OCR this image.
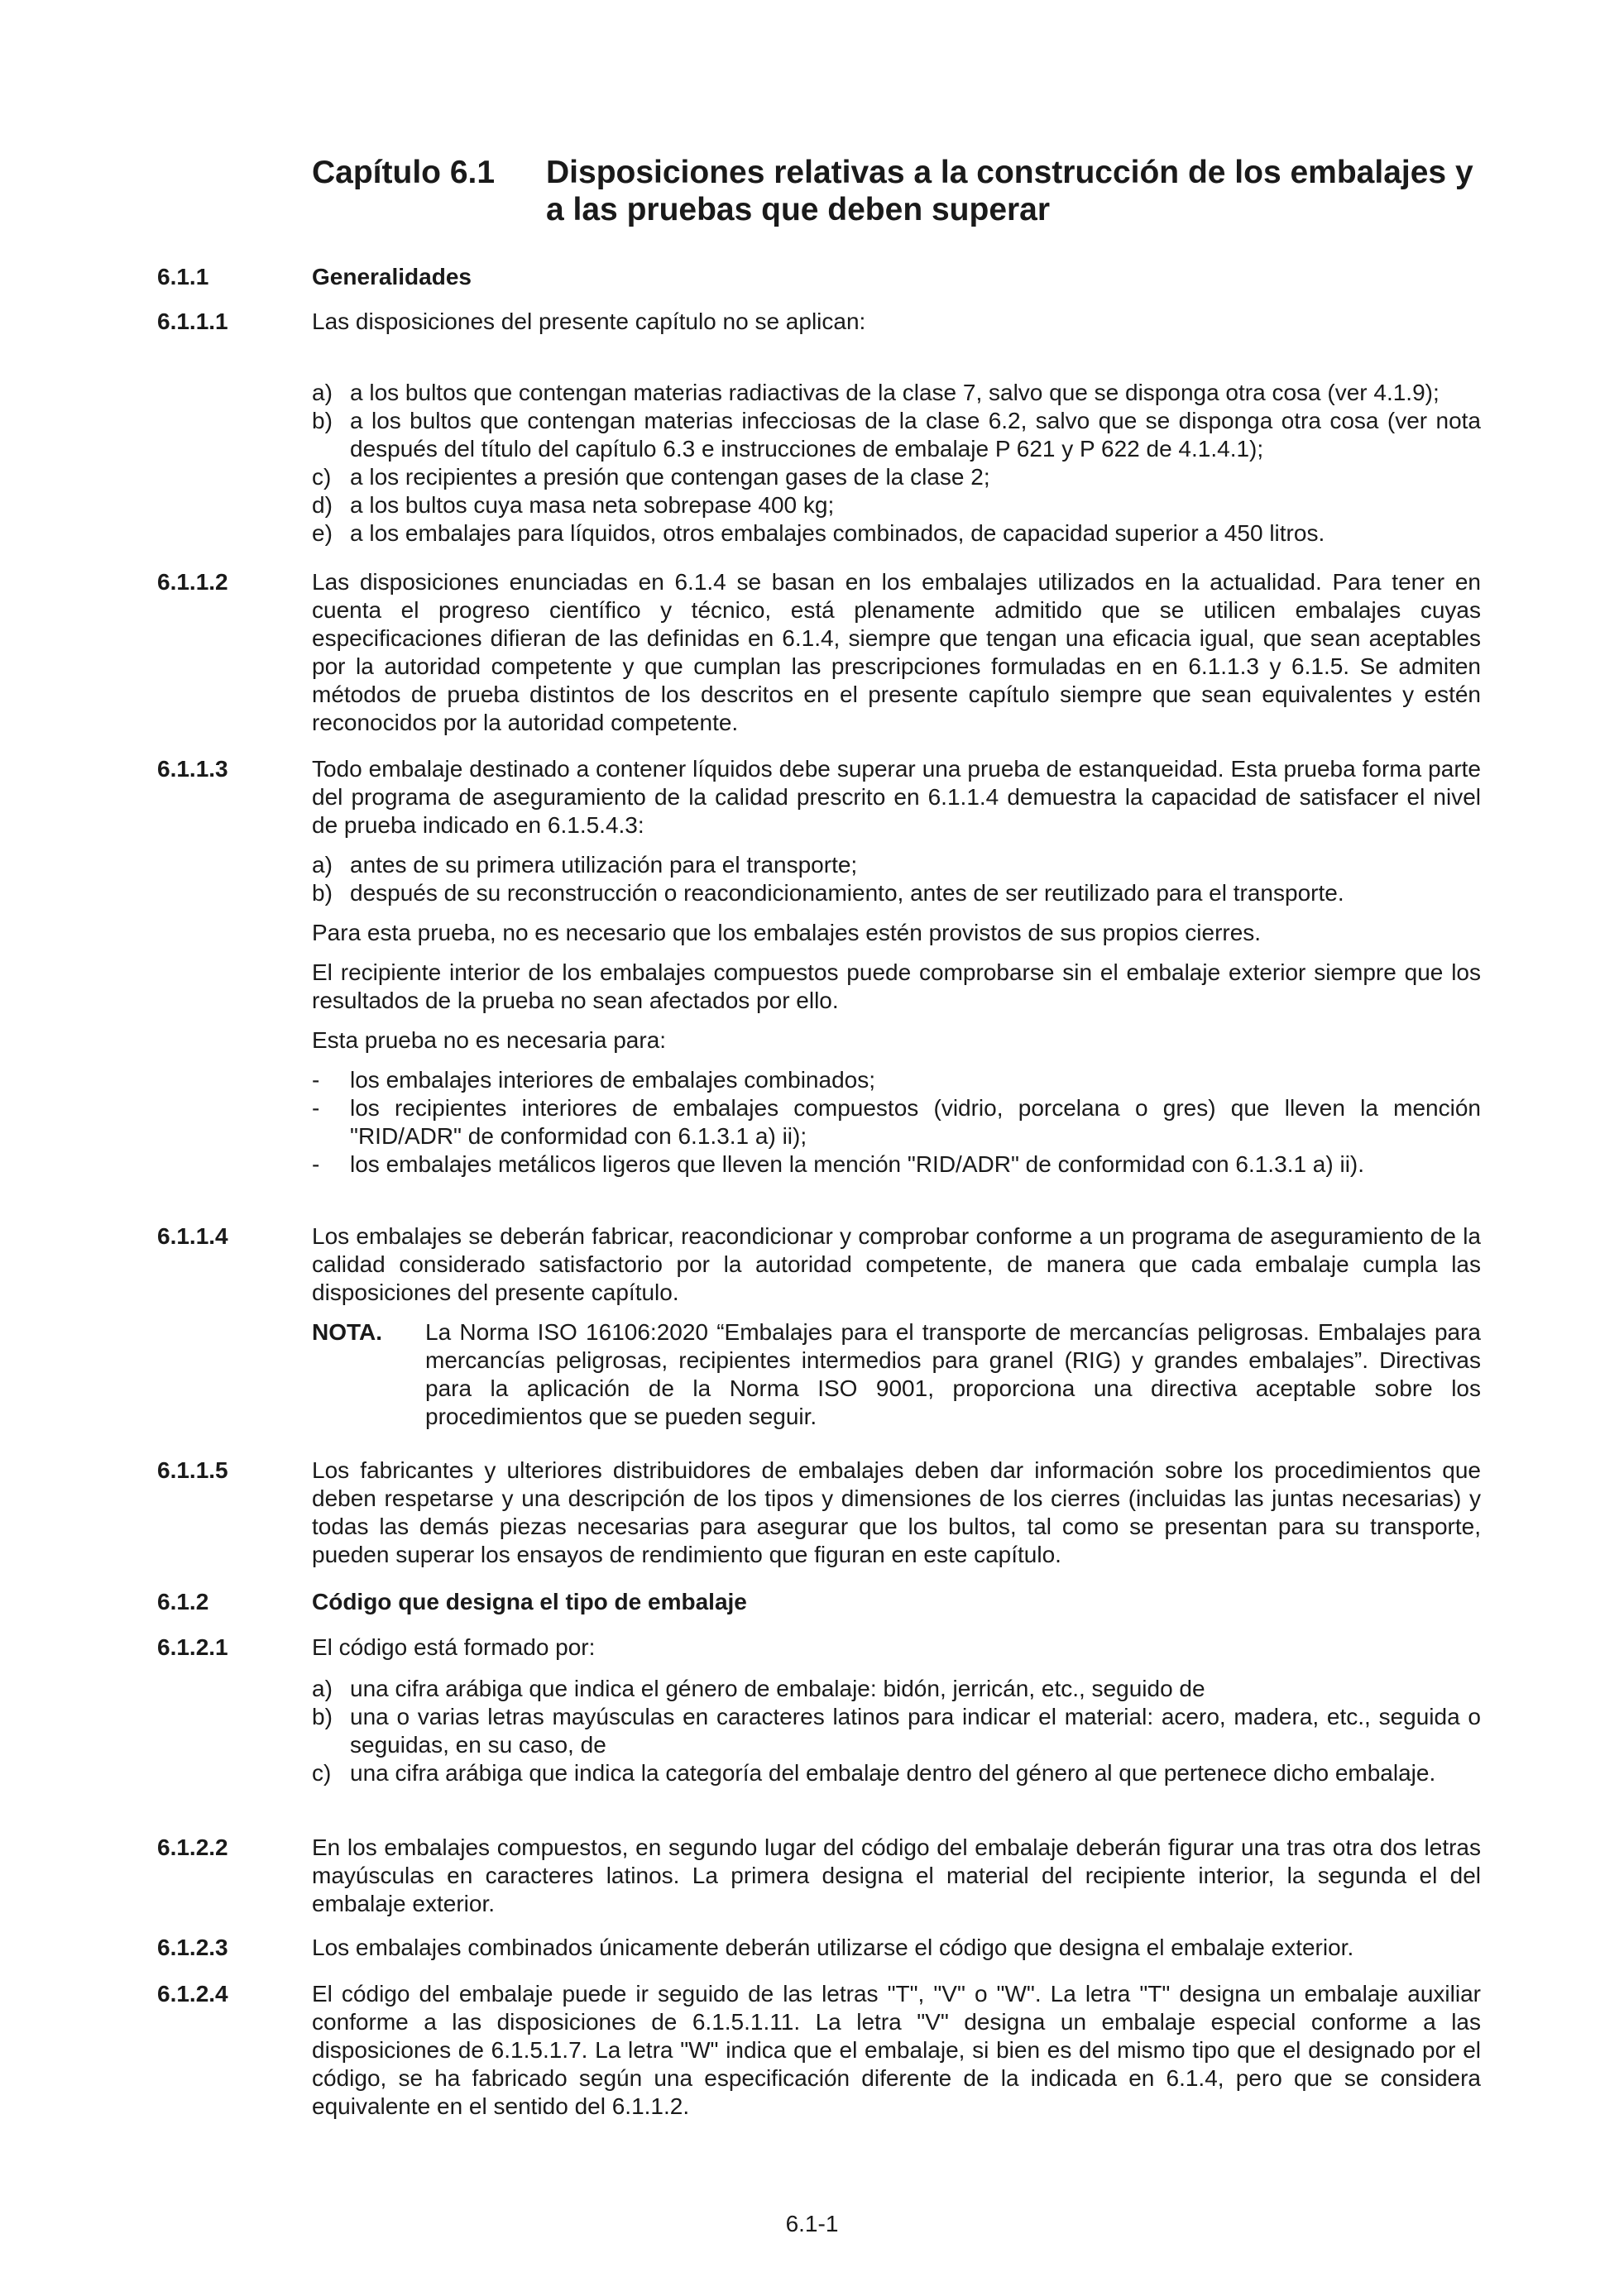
Capítulo 6.1 Disposiciones relativas a la construcción de los embalajes y a las pruebas que deben superar
6.1.1	Generalidades
6.1.1.1	Las disposiciones del presente capítulo no se aplican:
a) a los bultos que contengan materias radiactivas de la clase 7, salvo que se disponga otra cosa (ver 4.1.9);
b) a los bultos que contengan materias infecciosas de la clase 6.2, salvo que se disponga otra cosa (ver nota después del título del capítulo 6.3 e instrucciones de embalaje P 621 y P 622 de 4.1.4.1);
c) a los recipientes a presión que contengan gases de la clase 2;
d) a los bultos cuya masa neta sobrepase 400 kg;
e) a los embalajes para líquidos, otros embalajes combinados, de capacidad superior a 450 litros.
6.1.1.2	Las disposiciones enunciadas en 6.1.4 se basan en los embalajes utilizados en la actualidad. Para tener en cuenta el progreso científico y técnico, está plenamente admitido que se utilicen embalajes cuyas especificaciones difieran de las definidas en 6.1.4, siempre que tengan una eficacia igual, que sean aceptables por la autoridad competente y que cumplan las prescripciones formuladas en en 6.1.1.3 y 6.1.5. Se admiten métodos de prueba distintos de los descritos en el presente capítulo siempre que sean equivalentes y estén reconocidos por la autoridad competente.
6.1.1.3	Todo embalaje destinado a contener líquidos debe superar una prueba de estanqueidad. Esta prueba forma parte del programa de aseguramiento de la calidad prescrito en 6.1.1.4 demuestra la capacidad de satisfacer el nivel de prueba indicado en 6.1.5.4.3:
a) antes de su primera utilización para el transporte;
b) después de su reconstrucción o reacondicionamiento, antes de ser reutilizado para el transporte.
Para esta prueba, no es necesario que los embalajes estén provistos de sus propios cierres.
El recipiente interior de los embalajes compuestos puede comprobarse sin el embalaje exterior siempre que los resultados de la prueba no sean afectados por ello.
Esta prueba no es necesaria para:
- los embalajes interiores de embalajes combinados;
- los recipientes interiores de embalajes compuestos (vidrio, porcelana o gres) que lleven la mención "RID/ADR" de conformidad con 6.1.3.1 a) ii);
- los embalajes metálicos ligeros que lleven la mención "RID/ADR" de conformidad con 6.1.3.1 a) ii).
6.1.1.4	Los embalajes se deberán fabricar, reacondicionar y comprobar conforme a un programa de aseguramiento de la calidad considerado satisfactorio por la autoridad competente, de manera que cada embalaje cumpla las disposiciones del presente capítulo.
NOTA. La Norma ISO 16106:2020 “Embalajes para el transporte de mercancías peligrosas. Embalajes para mercancías peligrosas, recipientes intermedios para granel (RIG) y grandes embalajes”. Directivas para la aplicación de la Norma ISO 9001, proporciona una directiva aceptable sobre los procedimientos que se pueden seguir.
6.1.1.5	Los fabricantes y ulteriores distribuidores de embalajes deben dar información sobre los procedimientos que deben respetarse y una descripción de los tipos y dimensiones de los cierres (incluidas las juntas necesarias) y todas las demás piezas necesarias para asegurar que los bultos, tal como se presentan para su transporte, pueden superar los ensayos de rendimiento que figuran en este capítulo.
6.1.2	Código que designa el tipo de embalaje
6.1.2.1	El código está formado por:
a) una cifra arábiga que indica el género de embalaje: bidón, jerricán, etc., seguido de
b) una o varias letras mayúsculas en caracteres latinos para indicar el material: acero, madera, etc., seguida o seguidas, en su caso, de
c) una cifra arábiga que indica la categoría del embalaje dentro del género al que pertenece dicho embalaje.
6.1.2.2	En los embalajes compuestos, en segundo lugar del código del embalaje deberán figurar una tras otra dos letras mayúsculas en caracteres latinos. La primera designa el material del recipiente interior, la segunda el del embalaje exterior.
6.1.2.3	Los embalajes combinados únicamente deberán utilizarse el código que designa el embalaje exterior.
6.1.2.4	El código del embalaje puede ir seguido de las letras "T", "V" o "W". La letra "T" designa un embalaje auxiliar conforme a las disposiciones de 6.1.5.1.11. La letra "V" designa un embalaje especial conforme a las disposiciones de 6.1.5.1.7. La letra "W" indica que el embalaje, si bien es del mismo tipo que el designado por el código, se ha fabricado según una especificación diferente de la indicada en 6.1.4, pero que se considera equivalente en el sentido del 6.1.1.2.
6.1-1
